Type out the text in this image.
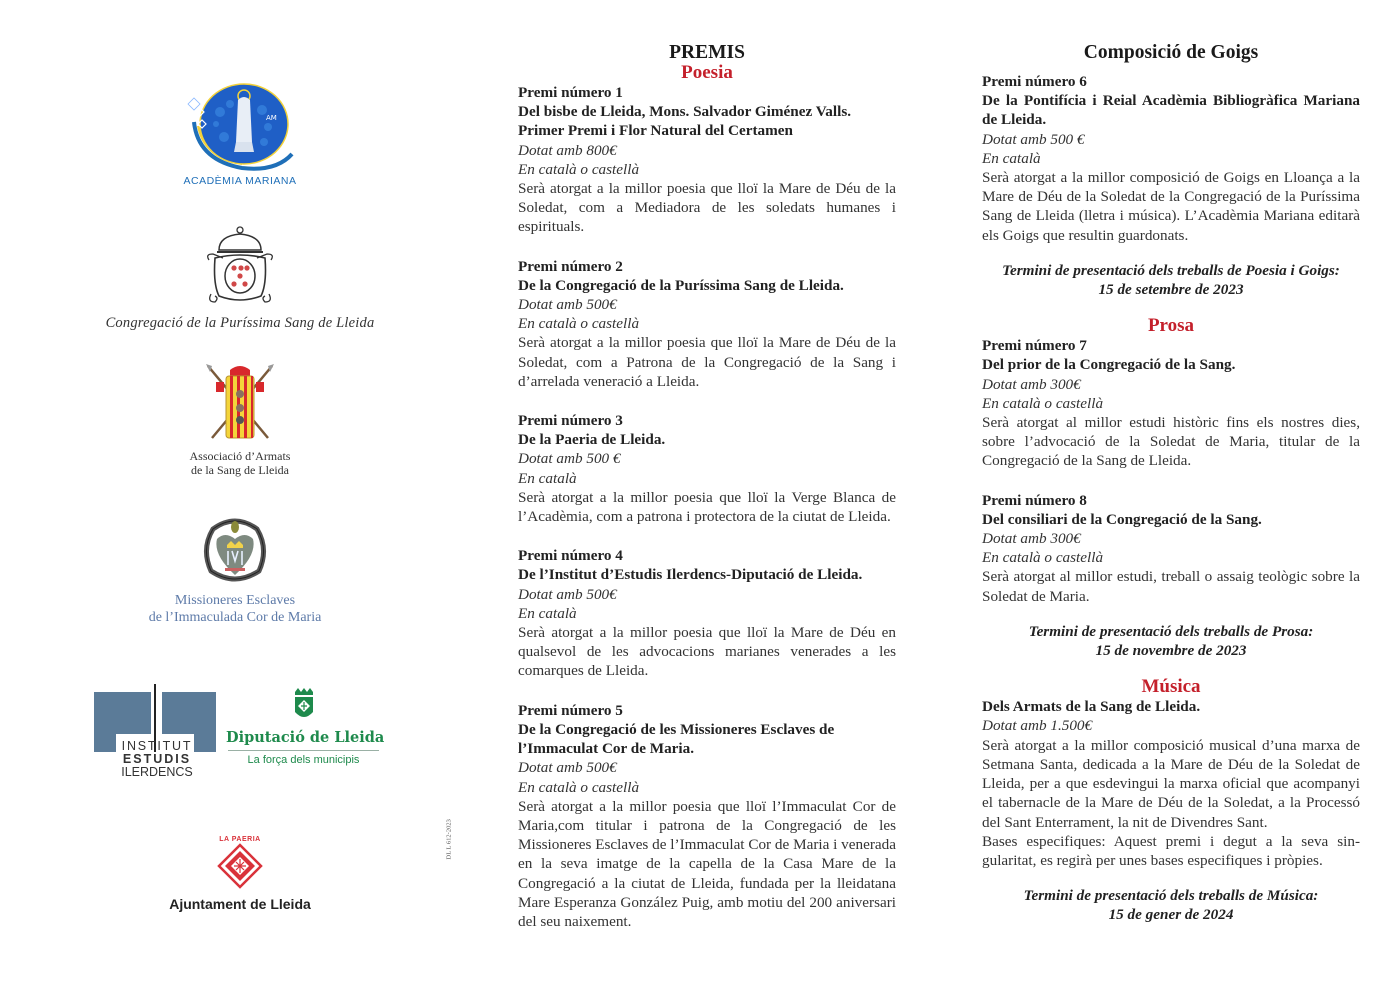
AM
ACADÈMIA MARIANA
Congregació de la Puríssima Sang de Lleida
Associació d’Armats
de la Sang de Lleida
Missioneres Esclaves
de l’Immaculada Cor de Maria
INSTITUT
ESTUDIS
ILERDENCS
Diputació de Lleida
La força dels municipis
LA PAERIA
Ajuntament de Lleida
DL L 612-2023
PREMIS
Poesia
Premi número 1
Del bisbe de Lleida, Mons. Salvador Giménez Valls.
Primer Premi i Flor Natural del Certamen
Dotat amb 800€
En català o castellà
Serà atorgat a la millor poesia que lloï la Mare de Déu de la Soledat, com a Mediadora de les soledats humanes i espirituals.
Premi número 2
De la Congregació de la Puríssima Sang de Lleida.
Dotat amb 500€
En català o castellà
Serà atorgat a la millor poesia que lloï la Mare de Déu de la Soledat, com a Patrona de la Congregació de la Sang i d’arrelada veneració a Lleida.
Premi número 3
De la Paeria de Lleida.
Dotat amb 500 €
En català
Serà atorgat a la millor poesia que lloï la Verge Blanca de l’Acadèmia, com a patrona i protectora de la ciutat de Lleida.
Premi número 4
De l’Institut d’Estudis Ilerdencs-Diputació de Lleida.
Dotat amb 500€
En català
Serà atorgat a la millor poesia que lloï la Mare de Déu en qualsevol de les advocacions marianes venerades a les comarques de Lleida.
Premi número 5
De la Congregació de les Missioneres Esclaves de l’Immaculat Cor de Maria.
Dotat amb 500€
En català o castellà
Serà atorgat a la millor poesia que lloï l’Immaculat Cor de Maria,com titular i patrona de la Congregació de les Missioneres Esclaves de l’Immaculat Cor de Maria i venerada en la seva imatge de la capella de la Casa Mare de la Congregació a la ciutat de Lleida, fundada per la lleidatana Mare Esperanza González Puig, amb motiu del 200 aniversari del seu naixement.
Composició de Goigs
Premi número 6
De la Pontifícia i Reial Acadèmia Bibliogràfica Mariana de Lleida.
Dotat amb 500 €
En català
Serà atorgat a la millor composició de Goigs en Lloança a la Mare de Déu de la Soledat de la Congregació de la Puríssima Sang de Lleida (lletra i música). L’Acadèmia Mariana editarà els Goigs que resultin guardonats.
Termini de presentació dels treballs de Poesia i Goigs:
15 de setembre de 2023
Prosa
Premi número 7
Del prior de la Congregació de la Sang.
Dotat amb 300€
En català o castellà
Serà atorgat al millor estudi històric fins els nostres dies, sobre l’advocació de la Soledat de Maria, titular de la Congregació de la Sang de Lleida.
Premi número 8
Del consiliari de la Congregació de la Sang.
Dotat amb 300€
En català o castellà
Serà atorgat al millor estudi, treball o assaig teològic sobre la Soledat de Maria.
Termini de presentació dels treballs de Prosa:
15 de novembre de 2023
Música
Dels Armats de la Sang de Lleida.
Dotat amb 1.500€
Serà atorgat a la millor composició musical d’una marxa de Setmana Santa, dedicada a la Mare de Déu de la Soledat de Lleida, per a que esdevingui la marxa oficial que acompanyi el tabernacle de la Mare de Déu de la Soledat, a la Processó del Sant Enterrament, la nit de Divendres Sant.
Bases especifiques: Aquest premi i degut a la seva singularitat, es regirà per unes bases especifiques i pròpies.
Termini de presentació dels treballs de Música:
15 de gener de 2024
